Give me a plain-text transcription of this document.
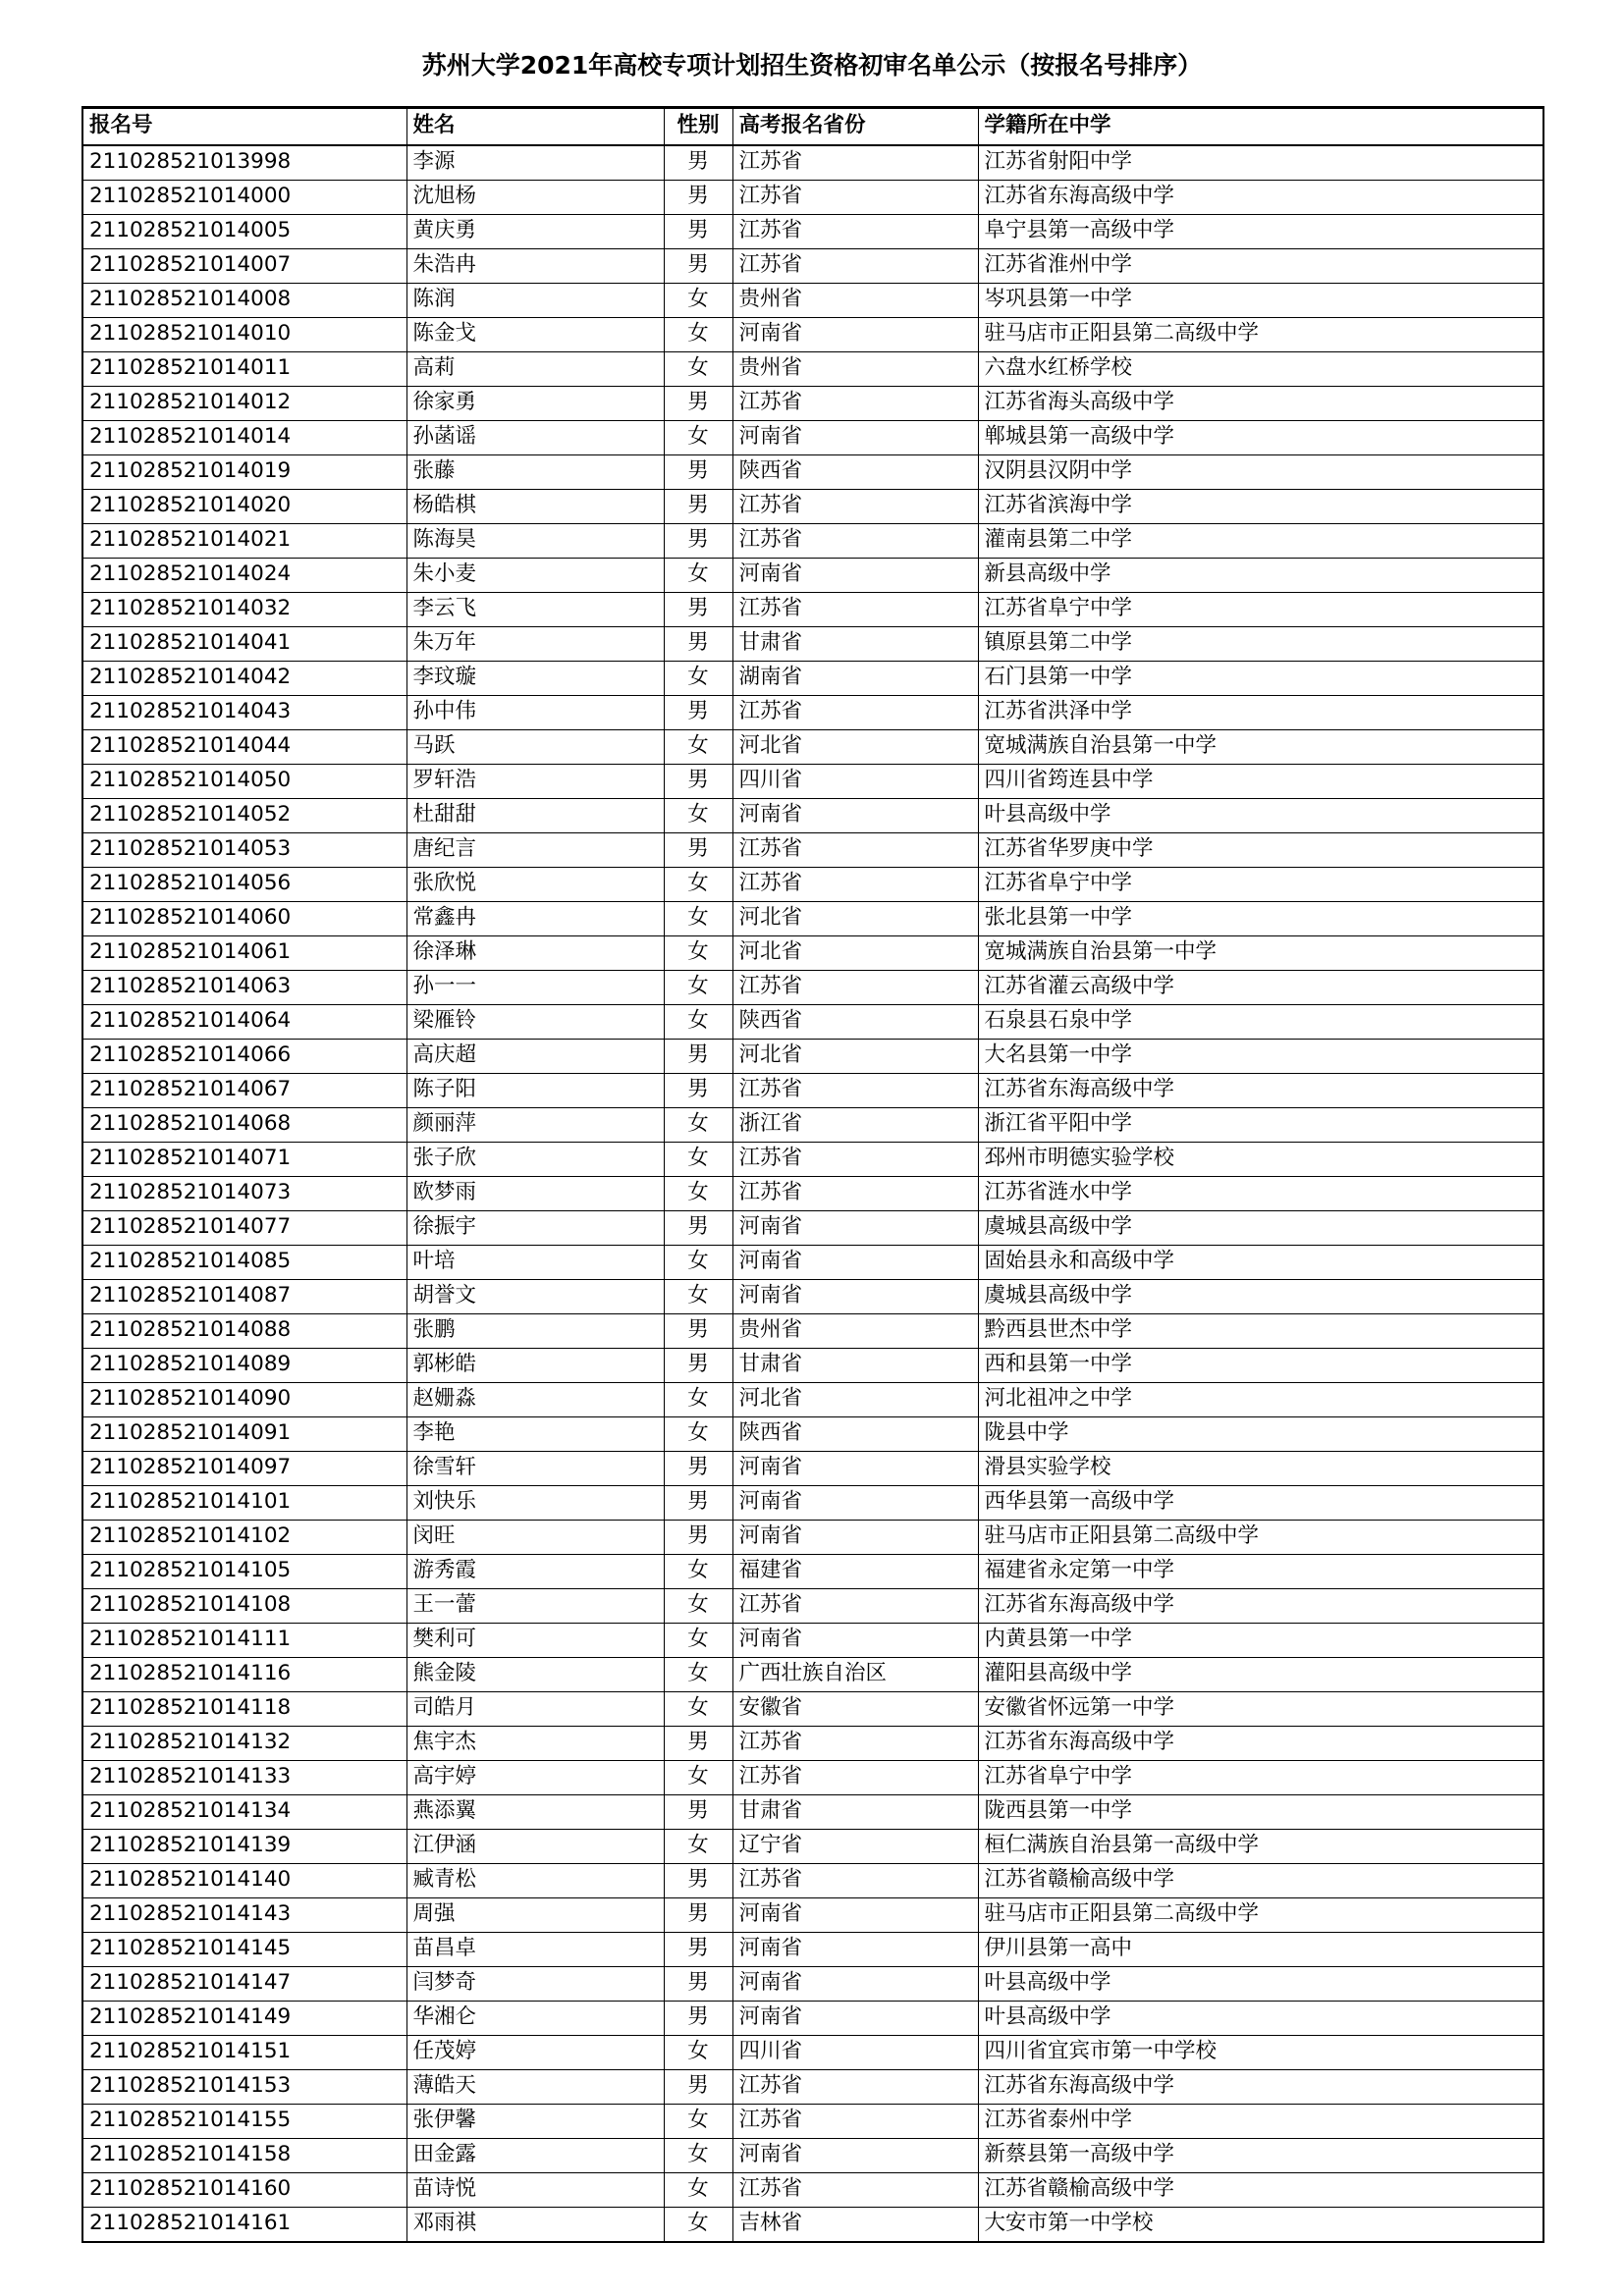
苏州大学2021年高校专项计划招生资格初审名单公示（按报名号排序）
报名号	姓名	性别	高考报名省份	学籍所在中学
211028521013998	李源	男	江苏省	江苏省射阳中学
211028521014000	沈旭杨	男	江苏省	江苏省东海高级中学
211028521014005	黄庆勇	男	江苏省	阜宁县第一高级中学
211028521014007	朱浩冉	男	江苏省	江苏省淮州中学
211028521014008	陈润	女	贵州省	岑巩县第一中学
211028521014010	陈金戈	女	河南省	驻马店市正阳县第二高级中学
211028521014011	高莉	女	贵州省	六盘水红桥学校
211028521014012	徐家勇	男	江苏省	江苏省海头高级中学
211028521014014	孙菡谣	女	河南省	郸城县第一高级中学
211028521014019	张藤	男	陕西省	汉阴县汉阴中学
211028521014020	杨皓棋	男	江苏省	江苏省滨海中学
211028521014021	陈海昊	男	江苏省	灌南县第二中学
211028521014024	朱小麦	女	河南省	新县高级中学
211028521014032	李云飞	男	江苏省	江苏省阜宁中学
211028521014041	朱万年	男	甘肃省	镇原县第二中学
211028521014042	李玟璇	女	湖南省	石门县第一中学
211028521014043	孙中伟	男	江苏省	江苏省洪泽中学
211028521014044	马跃	女	河北省	宽城满族自治县第一中学
211028521014050	罗轩浩	男	四川省	四川省筠连县中学
211028521014052	杜甜甜	女	河南省	叶县高级中学
211028521014053	唐纪言	男	江苏省	江苏省华罗庚中学
211028521014056	张欣悦	女	江苏省	江苏省阜宁中学
211028521014060	常鑫冉	女	河北省	张北县第一中学
211028521014061	徐泽琳	女	河北省	宽城满族自治县第一中学
211028521014063	孙一一	女	江苏省	江苏省灌云高级中学
211028521014064	梁雁铃	女	陕西省	石泉县石泉中学
211028521014066	高庆超	男	河北省	大名县第一中学
211028521014067	陈子阳	男	江苏省	江苏省东海高级中学
211028521014068	颜丽萍	女	浙江省	浙江省平阳中学
211028521014071	张子欣	女	江苏省	邳州市明德实验学校
211028521014073	欧梦雨	女	江苏省	江苏省涟水中学
211028521014077	徐振宇	男	河南省	虞城县高级中学
211028521014085	叶培	女	河南省	固始县永和高级中学
211028521014087	胡誉文	女	河南省	虞城县高级中学
211028521014088	张鹏	男	贵州省	黔西县世杰中学
211028521014089	郭彬皓	男	甘肃省	西和县第一中学
211028521014090	赵姗淼	女	河北省	河北祖冲之中学
211028521014091	李艳	女	陕西省	陇县中学
211028521014097	徐雪轩	男	河南省	滑县实验学校
211028521014101	刘快乐	男	河南省	西华县第一高级中学
211028521014102	闵旺	男	河南省	驻马店市正阳县第二高级中学
211028521014105	游秀霞	女	福建省	福建省永定第一中学
211028521014108	王一蕾	女	江苏省	江苏省东海高级中学
211028521014111	樊利可	女	河南省	内黄县第一中学
211028521014116	熊金陵	女	广西壮族自治区	灌阳县高级中学
211028521014118	司皓月	女	安徽省	安徽省怀远第一中学
211028521014132	焦宇杰	男	江苏省	江苏省东海高级中学
211028521014133	高宇婷	女	江苏省	江苏省阜宁中学
211028521014134	燕添翼	男	甘肃省	陇西县第一中学
211028521014139	江伊涵	女	辽宁省	桓仁满族自治县第一高级中学
211028521014140	臧青松	男	江苏省	江苏省赣榆高级中学
211028521014143	周强	男	河南省	驻马店市正阳县第二高级中学
211028521014145	苗昌卓	男	河南省	伊川县第一高中
211028521014147	闫梦奇	男	河南省	叶县高级中学
211028521014149	华湘仑	男	河南省	叶县高级中学
211028521014151	任茂婷	女	四川省	四川省宜宾市第一中学校
211028521014153	薄皓天	男	江苏省	江苏省东海高级中学
211028521014155	张伊馨	女	江苏省	江苏省泰州中学
211028521014158	田金露	女	河南省	新蔡县第一高级中学
211028521014160	苗诗悦	女	江苏省	江苏省赣榆高级中学
211028521014161	邓雨祺	女	吉林省	大安市第一中学校
